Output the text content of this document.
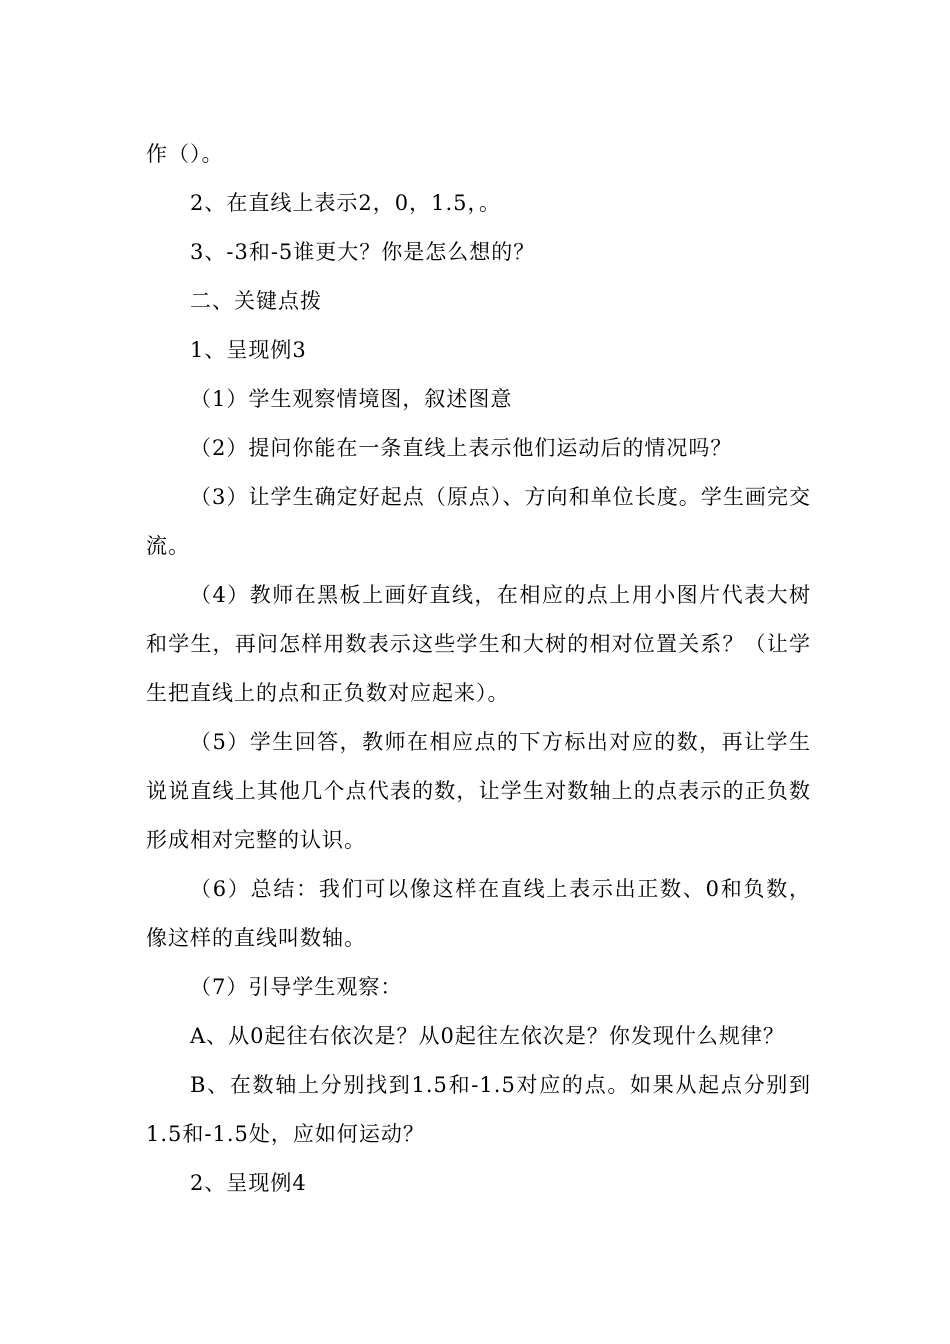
作（）。

2、在直线上表示2，0，1.5，。

3、-3和-5谁更大？你是怎么想的？

二、关键点拨

1、呈现例3

（1）学生观察情境图，叙述图意

（2）提问你能在一条直线上表示他们运动后的情况吗？

（3）让学生确定好起点（原点）、方向和单位长度。学生画完交流。

（4）教师在黑板上画好直线，在相应的点上用小图片代表大树和学生，再问怎样用数表示这些学生和大树的相对位置关系？（让学生把直线上的点和正负数对应起来）。

（5）学生回答，教师在相应点的下方标出对应的数，再让学生说说直线上其他几个点代表的数，让学生对数轴上的点表示的正负数形成相对完整的认识。

（6）总结：我们可以像这样在直线上表示出正数、0和负数，像这样的直线叫数轴。

（7）引导学生观察：

A、从0起往右依次是？从0起往左依次是？你发现什么规律？

B、在数轴上分别找到1.5和-1.5对应的点。如果从起点分别到1.5和-1.5处，应如何运动？

2、呈现例4
